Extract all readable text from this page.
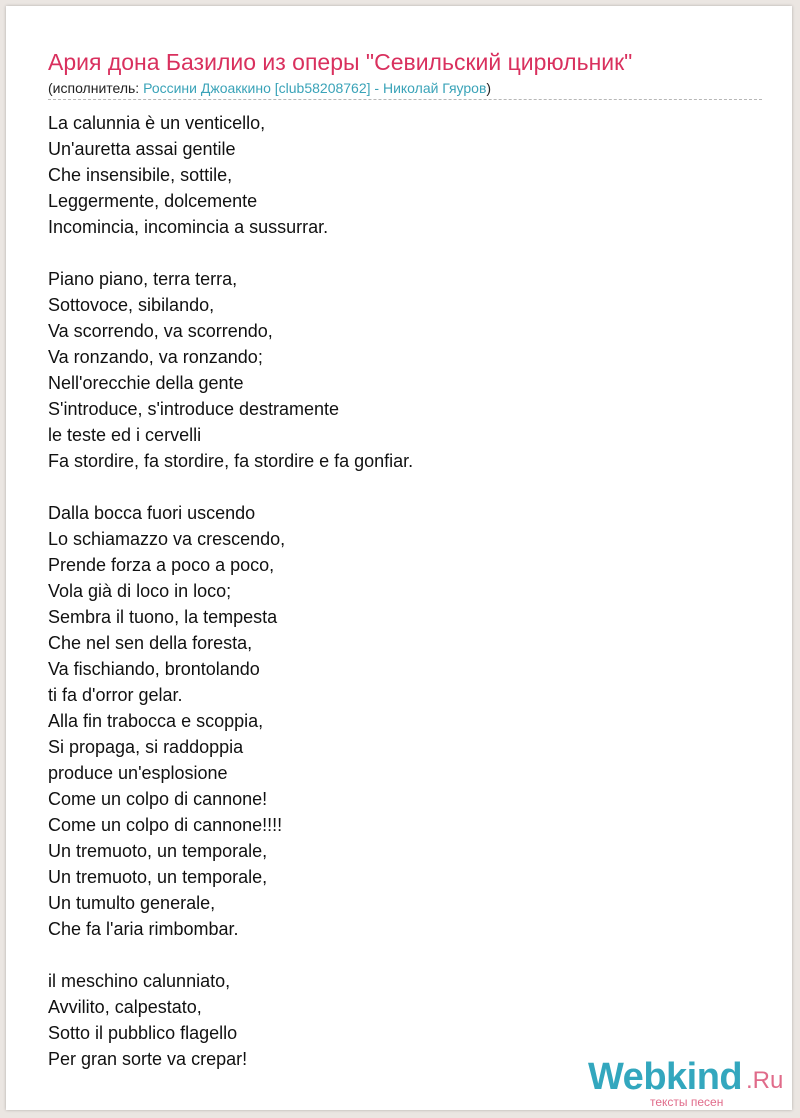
Ария дона Базилио из оперы "Севильский цирюльник"
(исполнитель: Россини Джоаккино [club58208762] - Николай Гяуров)
La calunnia è un venticello,
Un'auretta assai gentile
Che insensibile, sottile,
Leggermente, dolcemente
Incomincia, incomincia a sussurrar.
Piano piano, terra terra,
Sottovoce, sibilando,
Va scorrendo, va scorrendo,
Va ronzando, va ronzando;
Nell'orecchie della gente
S'introduce, s'introduce destramente
le teste ed i cervelli
Fa stordire, fa stordire, fa stordire e fa gonfiar.
Dalla bocca fuori uscendo
Lo schiamazzo va crescendo,
Prende forza a poco a poco,
Vola già di loco in loco;
Sembra il tuono, la tempesta
Che nel sen della foresta,
Va fischiando, brontolando
ti fa d'orror gelar.
Alla fin trabocca e scoppia,
Si propaga, si raddoppia
produce un'esplosione
Come un colpo di cannone!
Come un colpo di cannone!!!!
Un tremuoto, un temporale,
Un tremuoto, un temporale,
Un tumulto generale,
Che fa l'aria rimbombar.
il meschino calunniato,
Avvilito, calpestato,
Sotto il pubblico flagello
Per gran sorte va crepar!	Webkind .Ru
тексты песен
